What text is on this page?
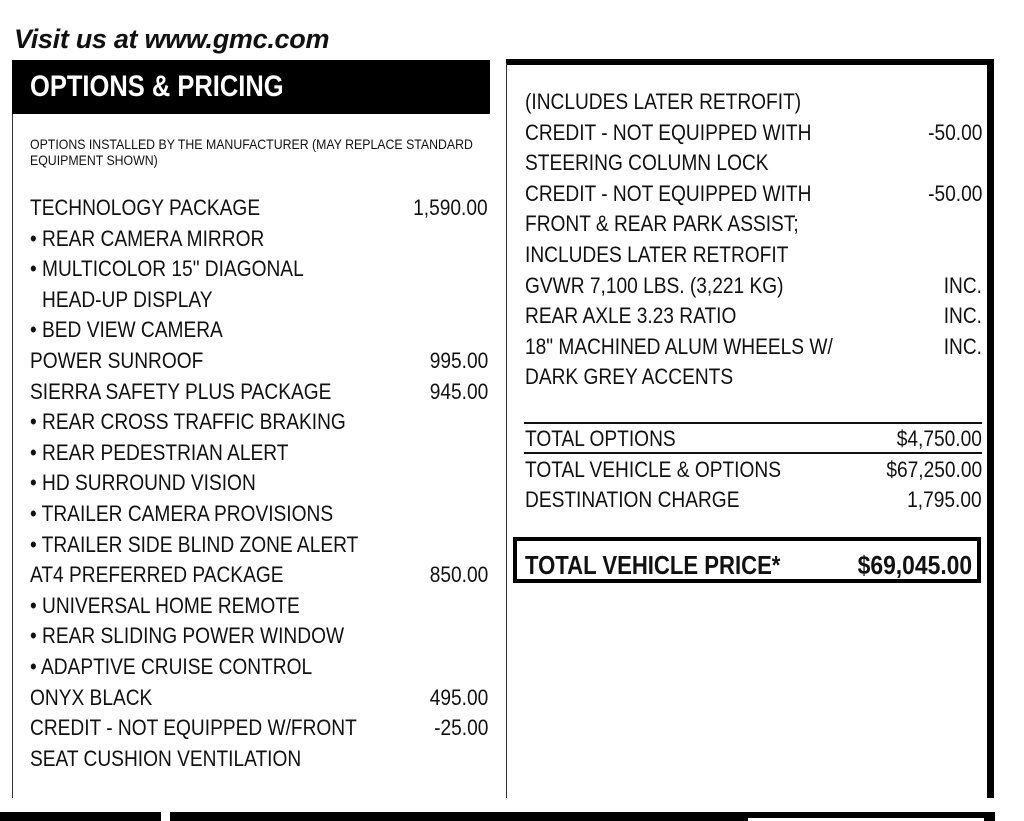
Visit us at www.gmc.com
OPTIONS & PRICING
OPTIONS INSTALLED BY THE MANUFACTURER (MAY REPLACE STANDARD EQUIPMENT SHOWN)
TECHNOLOGY PACKAGE	1,590.00
• REAR CAMERA MIRROR
• MULTICOLOR 15" DIAGONAL
HEAD-UP DISPLAY
• BED VIEW CAMERA
POWER SUNROOF	995.00
SIERRA SAFETY PLUS PACKAGE	945.00
• REAR CROSS TRAFFIC BRAKING
• REAR PEDESTRIAN ALERT
• HD SURROUND VISION
• TRAILER CAMERA PROVISIONS
• TRAILER SIDE BLIND ZONE ALERT
AT4 PREFERRED PACKAGE	850.00
• UNIVERSAL HOME REMOTE
• REAR SLIDING POWER WINDOW
• ADAPTIVE CRUISE CONTROL
ONYX BLACK	495.00
CREDIT - NOT EQUIPPED W/FRONT	-25.00
SEAT CUSHION VENTILATION
(INCLUDES LATER RETROFIT)
CREDIT - NOT EQUIPPED WITH	-50.00
STEERING COLUMN LOCK
CREDIT - NOT EQUIPPED WITH	-50.00
FRONT & REAR PARK ASSIST;
INCLUDES LATER RETROFIT
GVWR 7,100 LBS. (3,221 KG)	INC.
REAR AXLE 3.23 RATIO	INC.
18" MACHINED ALUM WHEELS W/	INC.
DARK GREY ACCENTS
TOTAL OPTIONS	$4,750.00
TOTAL VEHICLE & OPTIONS	$67,250.00
DESTINATION CHARGE	1,795.00
TOTAL VEHICLE PRICE*	$69,045.00
